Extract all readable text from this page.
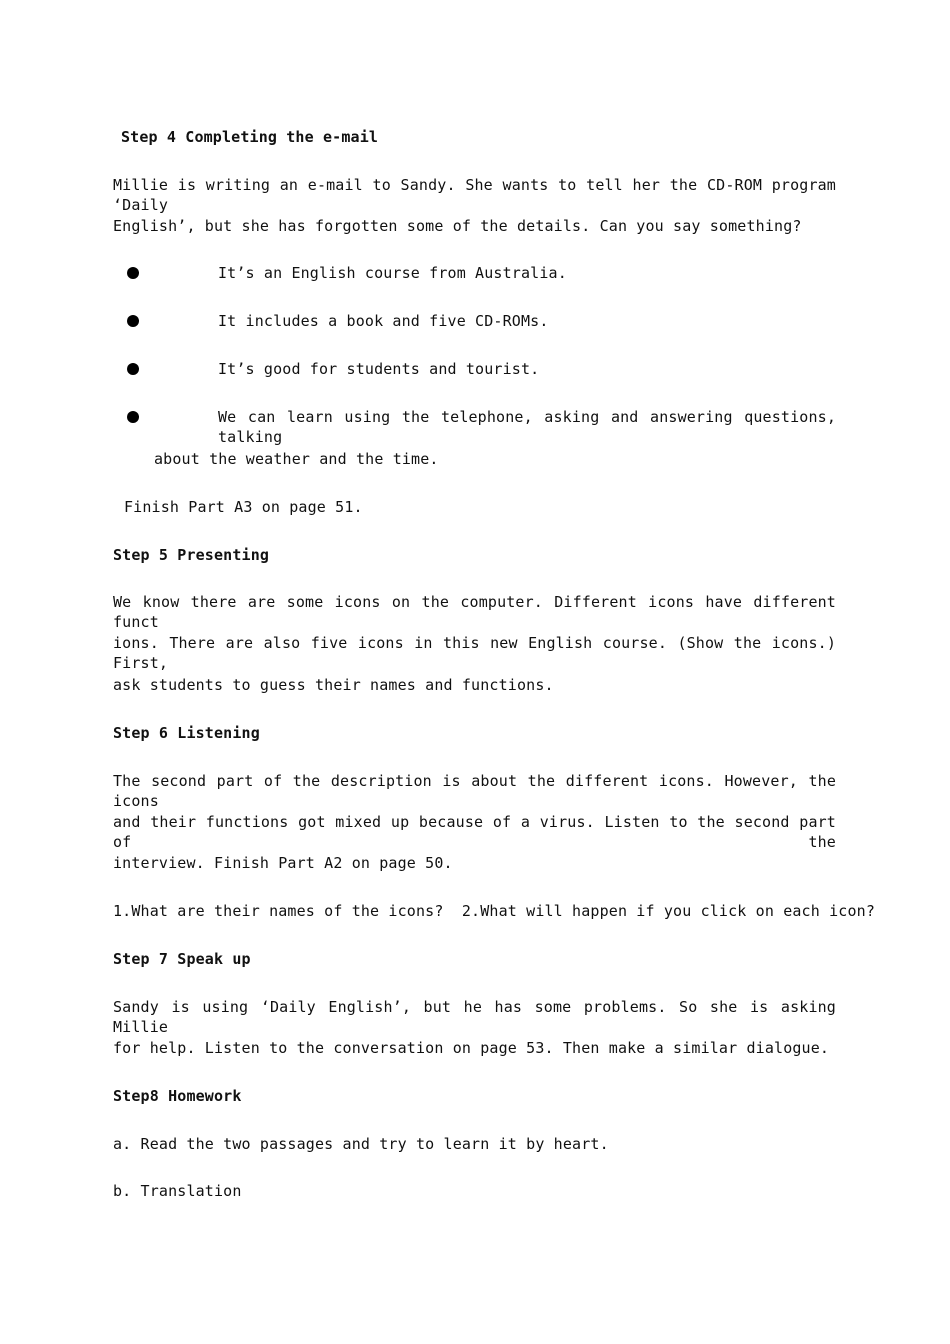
Step 4 Completing the e-mail
Millie is writing an e-mail to Sandy. She wants to tell her the CD-ROM program ‘Daily
English’, but she has forgotten some of the details. Can you say something?
It’s an English course from Australia.
It includes a book and five CD-ROMs.
It’s good for students and tourist.
We can learn using the telephone, asking and answering questions, talking
about the weather and the time.
Finish Part A3 on page 51.
Step 5 Presenting
We know there are some icons on the computer. Different icons have different funct
ions. There are also five icons in this new English course. (Show the icons.) First,
ask students to guess their names and functions.
Step 6 Listening
The second part of the description is about the different icons. However, the icons
and their functions got mixed up because of a virus. Listen to the second part of the
interview. Finish Part A2 on page 50.
1.What are their names of the icons?  2.What will happen if you click on each icon?
Step 7 Speak up
Sandy is using ‘Daily English’, but he has some problems. So she is asking Millie
for help. Listen to the conversation on page 53. Then make a similar dialogue.
Step8 Homework
a. Read the two passages and try to learn it by heart.
b. Translation
